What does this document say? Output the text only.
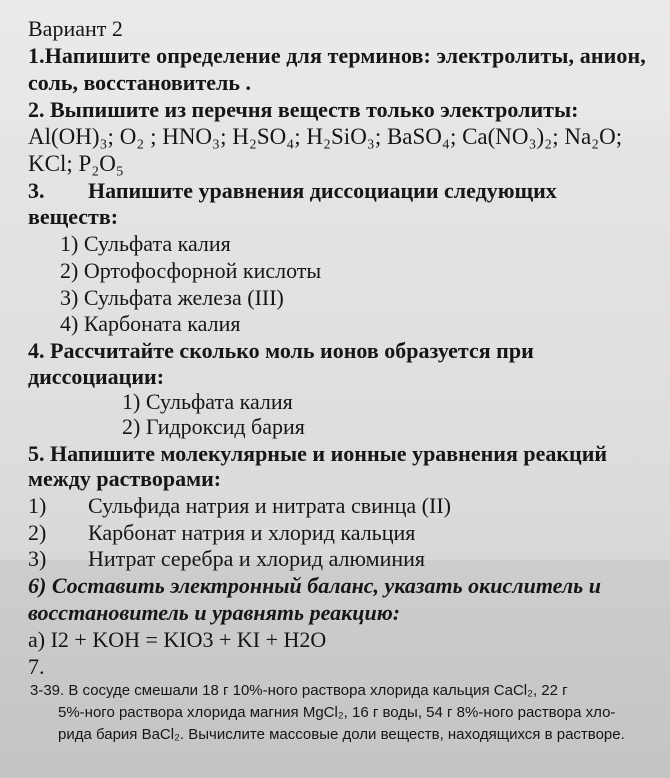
Вариант 2
1.Напишите определение для терминов: электролиты, анион,
соль, восстановитель .
2. Выпишите из перечня веществ только электролиты:
Al(OH)₃; O₂ ; HNO₃; H₂SO₄; H₂SiO₃; BaSO₄; Ca(NO₃)₂; Na₂O;
KCl; P₂O₅
3. Напишите уравнения диссоциации следующих
веществ:
1) Сульфата калия
2) Ортофосфорной кислоты
3) Сульфата железа (III)
4) Карбоната калия
4. Рассчитайте сколько моль ионов образуется при
диссоциации:
1) Сульфата калия
2) Гидроксид бария
5. Напишите молекулярные и ионные уравнения реакций
между растворами:
1) Сульфида натрия и нитрата свинца (II)
2) Карбонат натрия и хлорид кальция
3) Нитрат серебра и хлорид алюминия
6) Составить электронный баланс, указать окислитель и
восстановитель и уравнять реакцию:
а) I2 + KOH = KIO3 + KI + H2O
7.
3-39. В сосуде смешали 18 г 10%-ного раствора хлорида кальция CaCl₂, 22 г
5%-ного раствора хлорида магния MgCl₂, 16 г воды, 54 г 8%-ного раствора хло-
рида бария BaCl₂. Вычислите массовые доли веществ, находящихся в растворе.
